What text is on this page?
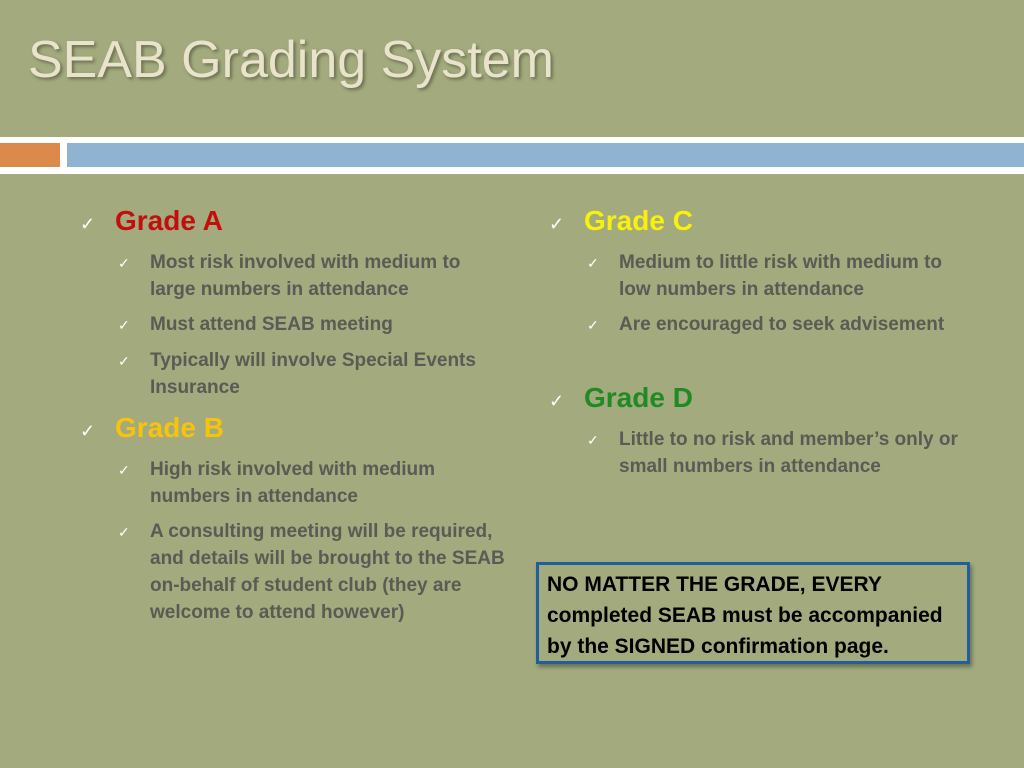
SEAB Grading System
✓ Grade A
✓	Most risk involved with medium to large numbers in attendance
✓	Must attend SEAB meeting
✓	Typically will involve Special Events Insurance
✓ Grade B
✓	High risk involved with medium numbers in attendance
✓	A consulting meeting will be required, and details will be brought to the SEAB on-behalf of student club (they are welcome to attend however)
✓ Grade C
✓	Medium to little risk with medium to low numbers in attendance
✓	Are encouraged to seek advisement
✓ Grade D
✓	Little to no risk and member’s only or small numbers in attendance

NO MATTER THE GRADE, EVERY completed SEAB must be accompanied by the SIGNED confirmation page.
